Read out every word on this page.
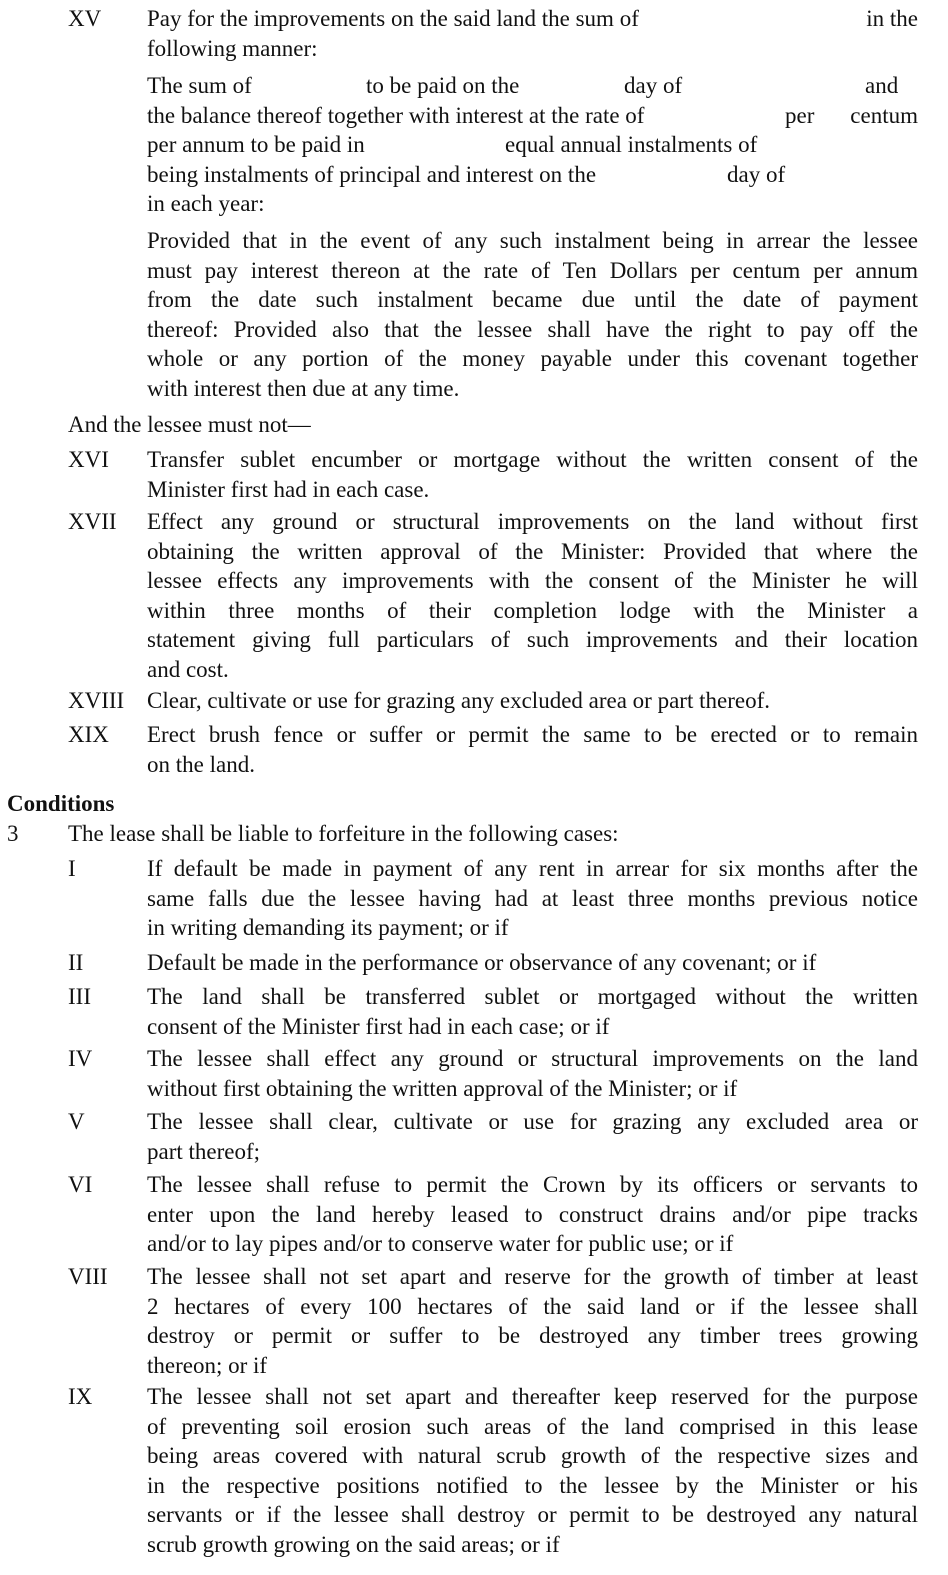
XV Pay for the improvements on the said land the sum of	in the
following manner:
The sum of	to be paid on the	day of	and
the balance thereof together with interest at the rate of	per centum
per annum to be paid in	equal annual instalments of
being instalments of principal and interest on the	day of
in each year:
Provided that in the event of any such instalment being in arrear the lessee
must pay interest thereon at the rate of Ten Dollars per centum per annum
from the date such instalment became due until the date of payment
thereof: Provided also that the lessee shall have the right to pay off the
whole or any portion of the money payable under this covenant together
with interest then due at any time.
And the lessee must not—
XVI Transfer sublet encumber or mortgage without the written consent of the
Minister first had in each case.
XVII Effect any ground or structural improvements on the land without first
obtaining the written approval of the Minister: Provided that where the
lessee effects any improvements with the consent of the Minister he will
within three months of their completion lodge with the Minister a
statement giving full particulars of such improvements and their location
and cost.
XVIII Clear, cultivate or use for grazing any excluded area or part thereof.
XIX Erect brush fence or suffer or permit the same to be erected or to remain
on the land.
Conditions
3 The lease shall be liable to forfeiture in the following cases:
I	If default be made in payment of any rent in arrear for six months after the
same falls due the lessee having had at least three months previous notice
in writing demanding its payment; or if
II	Default be made in the performance or observance of any covenant; or if
III The land shall be transferred sublet or mortgaged without the written
consent of the Minister first had in each case; or if
IV The lessee shall effect any ground or structural improvements on the land
without first obtaining the written approval of the Minister; or if
V	The lessee shall clear, cultivate or use for grazing any excluded area or
part thereof;
VI The lessee shall refuse to permit the Crown by its officers or servants to
enter upon the land hereby leased to construct drains and/or pipe tracks
and/or to lay pipes and/or to conserve water for public use; or if
VIII The lessee shall not set apart and reserve for the growth of timber at least
2 hectares of every 100 hectares of the said land or if the lessee shall
destroy or permit or suffer to be destroyed any timber trees growing
thereon; or if
IX The lessee shall not set apart and thereafter keep reserved for the purpose
of preventing soil erosion such areas of the land comprised in this lease
being areas covered with natural scrub growth of the respective sizes and
in the respective positions notified to the lessee by the Minister or his
servants or if the lessee shall destroy or permit to be destroyed any natural
scrub growth growing on the said areas; or if
